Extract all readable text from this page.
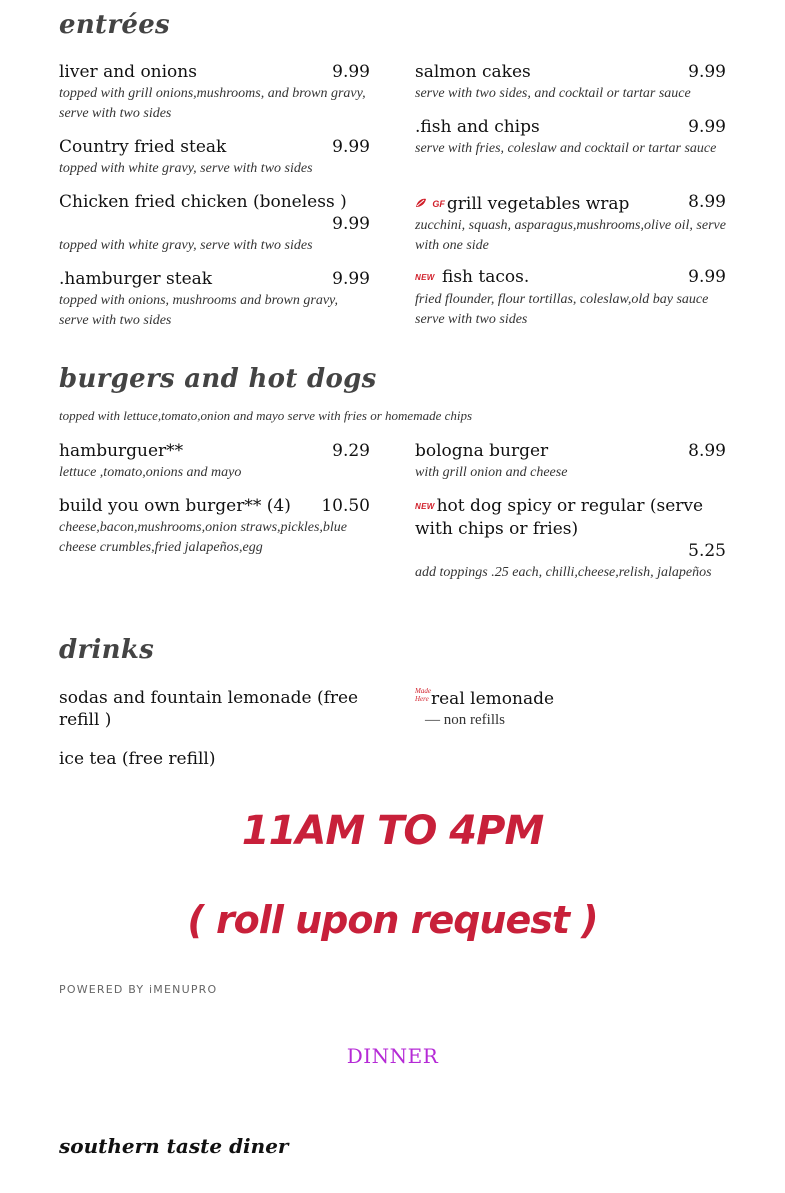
entrées
liver and onions	9.99
topped with grill onions,mushrooms, and brown gravy, serve with two sides
salmon cakes	9.99
serve with two sides, and cocktail or tartar sauce
Country fried steak	9.99
topped with white gravy, serve with two sides
.fish and chips	9.99
serve with fries, coleslaw and cocktail or tartar sauce
Chicken fried chicken (boneless )
9.99
topped with white gravy, serve with two sides
GF grill vegetables wrap	8.99
zucchini, squash, asparagus,mushrooms,olive oil, serve with one side
.hamburger steak	9.99
topped with onions, mushrooms and brown gravy, serve with two sides
NEW fish tacos.	9.99
fried flounder, flour tortillas, coleslaw,old bay sauce serve with two sides
burgers and hot dogs
topped with lettuce,tomato,onion and mayo serve with fries or homemade chips
hamburguer**	9.29
lettuce ,tomato,onions and mayo
bologna burger	8.99
with grill onion and cheese
build you own burger** (4)	10.50
cheese,bacon,mushrooms,onion straws,pickles,blue cheese crumbles,fried jalapeños,egg
NEW hot dog spicy or regular (serve with chips or fries)
5.25
add toppings .25 each, chilli,cheese,relish, jalapeños
drinks
sodas and fountain lemonade (free refill )
Made
Here real lemonade
— non refills
ice tea (free refill)
11AM TO 4PM
( roll upon request )
POWERED BY iMENUPRO
DINNER
southern taste diner
